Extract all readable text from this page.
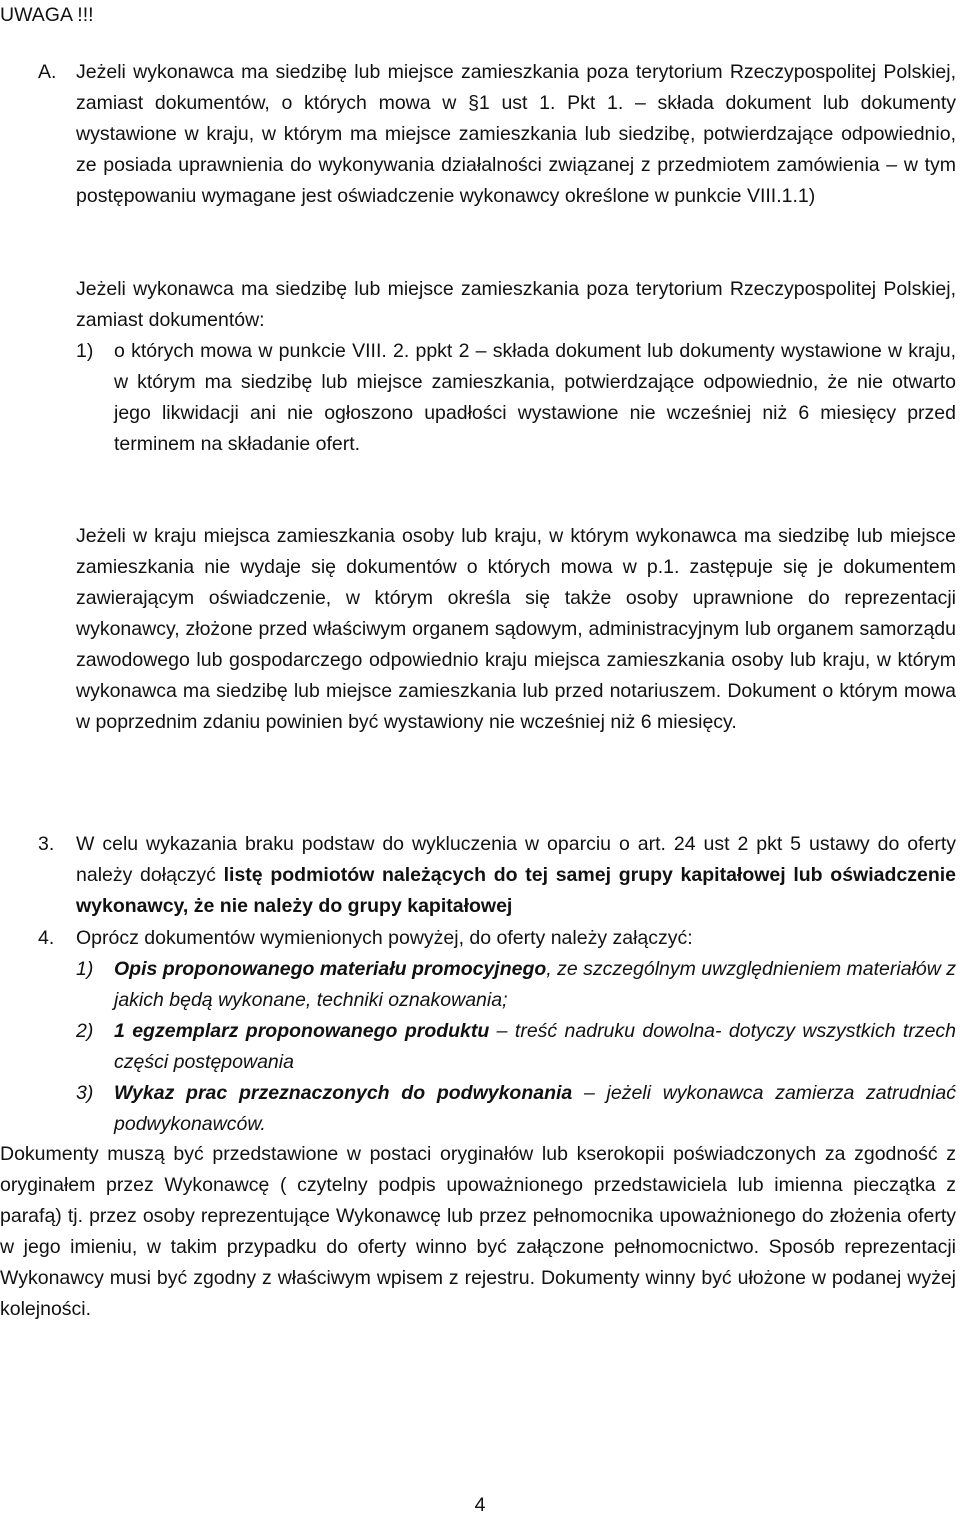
UWAGA !!!
A. Jeżeli wykonawca ma siedzibę lub miejsce zamieszkania poza terytorium Rzeczypospolitej Polskiej, zamiast dokumentów, o których mowa w §1 ust 1. Pkt 1. – składa dokument lub dokumenty wystawione w kraju, w którym ma miejsce zamieszkania lub siedzibę, potwierdzające odpowiednio, ze posiada uprawnienia do wykonywania działalności związanej z przedmiotem zamówienia – w tym postępowaniu wymagane jest oświadczenie wykonawcy określone w punkcie VIII.1.1)

Jeżeli wykonawca ma siedzibę lub miejsce zamieszkania poza terytorium Rzeczypospolitej Polskiej, zamiast dokumentów:

1) o których mowa w punkcie VIII. 2. ppkt 2 – składa dokument lub dokumenty wystawione w kraju, w którym ma siedzibę lub miejsce zamieszkania, potwierdzające odpowiednio, że nie otwarto jego likwidacji ani nie ogłoszono upadłości wystawione nie wcześniej niż 6 miesięcy przed terminem na składanie ofert.

Jeżeli w kraju miejsca zamieszkania osoby lub kraju, w którym wykonawca ma siedzibę lub miejsce zamieszkania nie wydaje się dokumentów o których mowa w p.1. zastępuje się je dokumentem zawierającym oświadczenie, w którym określa się także osoby uprawnione do reprezentacji wykonawcy, złożone przed właściwym organem sądowym, administracyjnym lub organem samorządu zawodowego lub gospodarczego odpowiednio kraju miejsca zamieszkania osoby lub kraju, w którym wykonawca ma siedzibę lub miejsce zamieszkania lub przed notariuszem. Dokument o którym mowa w poprzednim zdaniu powinien być wystawiony nie wcześniej niż 6 miesięcy.

3. W celu wykazania braku podstaw do wykluczenia w oparciu o art. 24 ust 2 pkt 5 ustawy do oferty należy dołączyć listę podmiotów należących do tej samej grupy kapitałowej lub oświadczenie wykonawcy, że nie należy do grupy kapitałowej

4. Oprócz dokumentów wymienionych powyżej, do oferty należy załączyć:

1) Opis proponowanego materiału promocyjnego, ze szczególnym uwzględnieniem materiałów z jakich będą wykonane, techniki oznakowania;

2) 1 egzemplarz proponowanego produktu – treść nadruku dowolna- dotyczy wszystkich trzech części postępowania

3) Wykaz prac przeznaczonych do podwykonania – jeżeli wykonawca zamierza zatrudniać podwykonawców.

Dokumenty muszą być przedstawione w postaci oryginałów lub kserokopii poświadczonych za zgodność z oryginałem przez Wykonawcę ( czytelny podpis upoważnionego przedstawiciela lub imienna pieczątka z parafą) tj. przez osoby reprezentujące Wykonawcę lub przez pełnomocnika upoważnionego do złożenia oferty w jego imieniu, w takim przypadku do oferty winno być załączone pełnomocnictwo. Sposób reprezentacji Wykonawcy musi być zgodny z właściwym wpisem z rejestru. Dokumenty winny być ułożone w podanej wyżej kolejności.

4
